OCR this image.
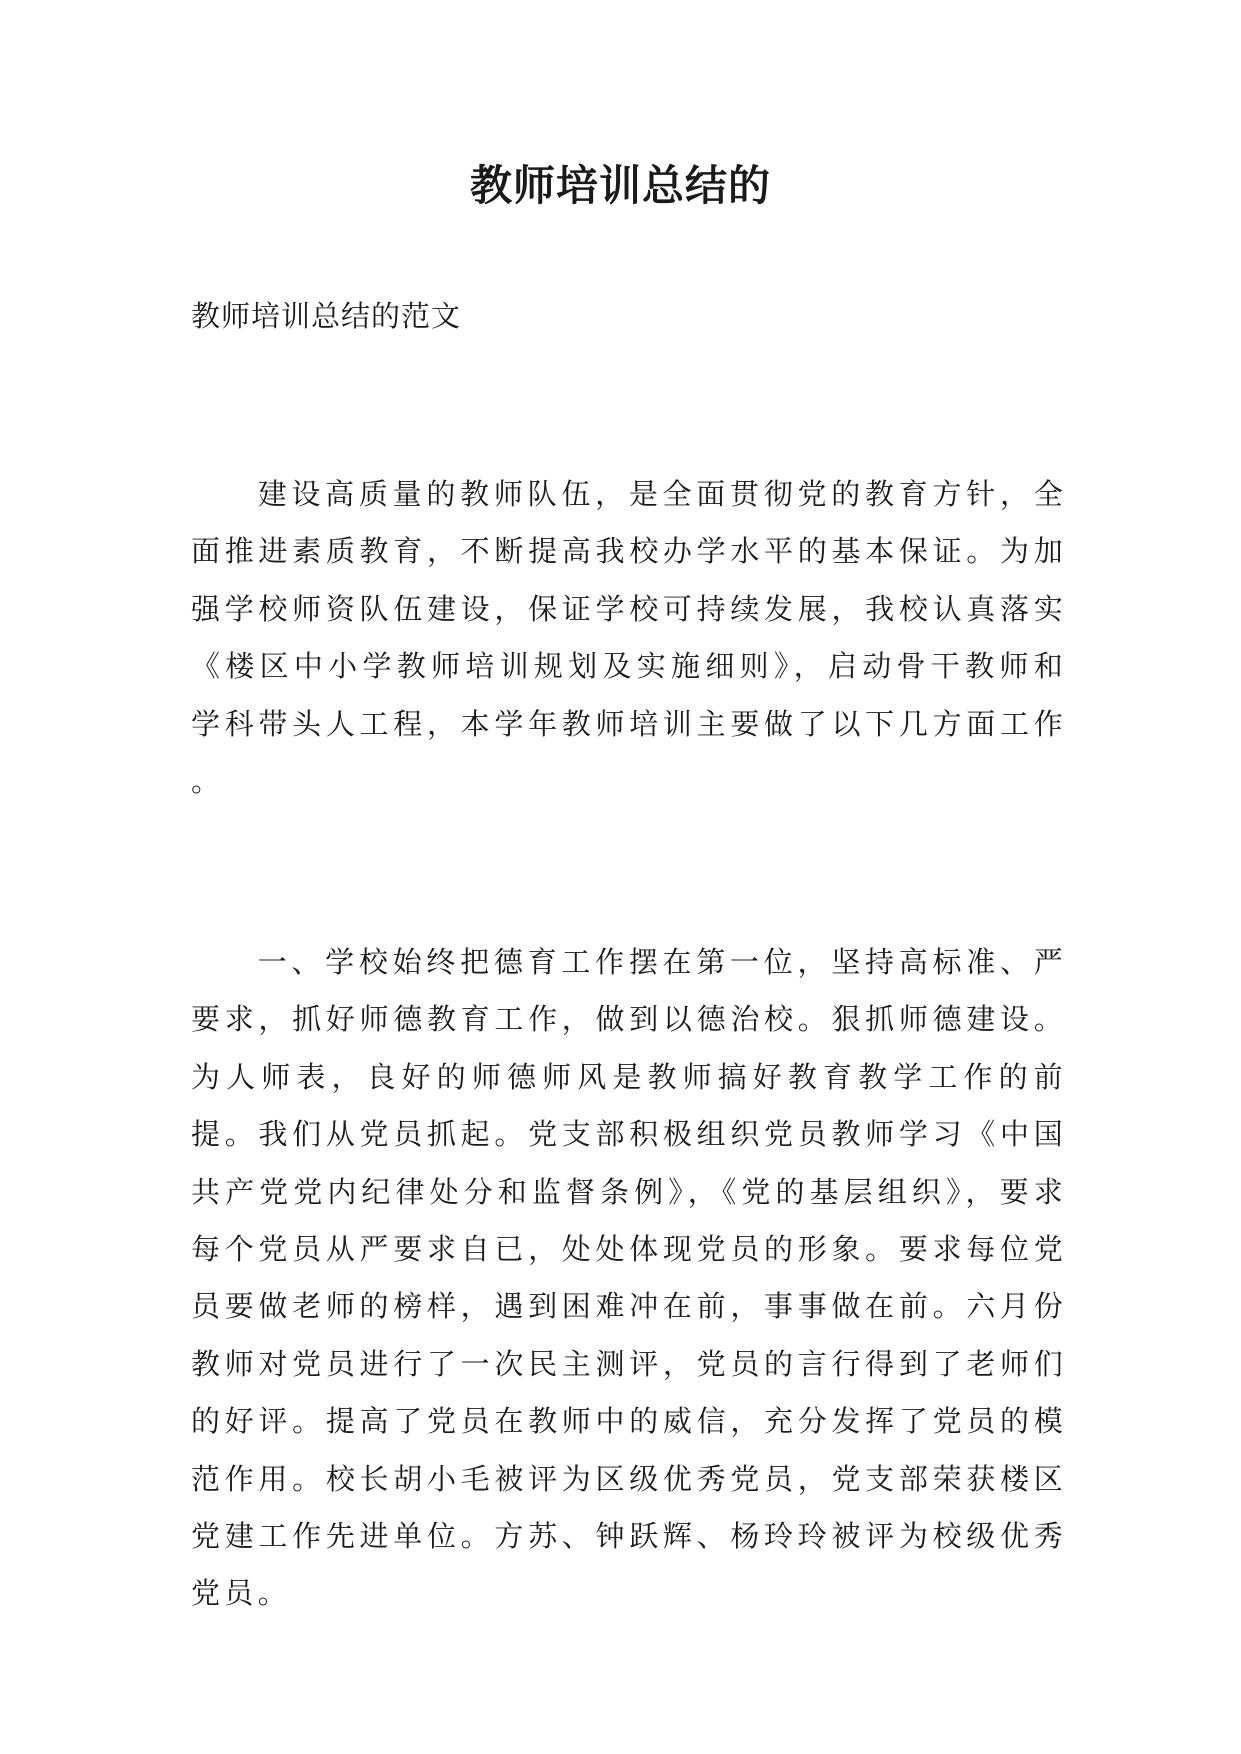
教师培训总结的

教师培训总结的范文

建设高质量的教师队伍，是全面贯彻党的教育方针，全面推进素质教育，不断提高我校办学水平的基本保证。为加强学校师资队伍建设，保证学校可持续发展，我校认真落实《楼区中小学教师培训规划及实施细则》，启动骨干教师和学科带头人工程，本学年教师培训主要做了以下几方面工作 。

一、学校始终把德育工作摆在第一位，坚持高标准、严要求，抓好师德教育工作，做到以德治校。狠抓师德建设。为人师表，良好的师德师风是教师搞好教育教学工作的前提。我们从党员抓起。党支部积极组织党员教师学习《中国共产党党内纪律处分和监督条例》，《党的基层组织》，要求每个党员从严要求自已，处处体现党员的形象。要求每位党员要做老师的榜样，遇到困难冲在前，事事做在前。六月份教师对党员进行了一次民主测评，党员的言行得到了老师们的好评。提高了党员在教师中的威信，充分发挥了党员的模范作用。校长胡小毛被评为区级优秀党员，党支部荣获楼区党建工作先进单位。方苏、钟跃辉、杨玲玲被评为校级优秀党员。
